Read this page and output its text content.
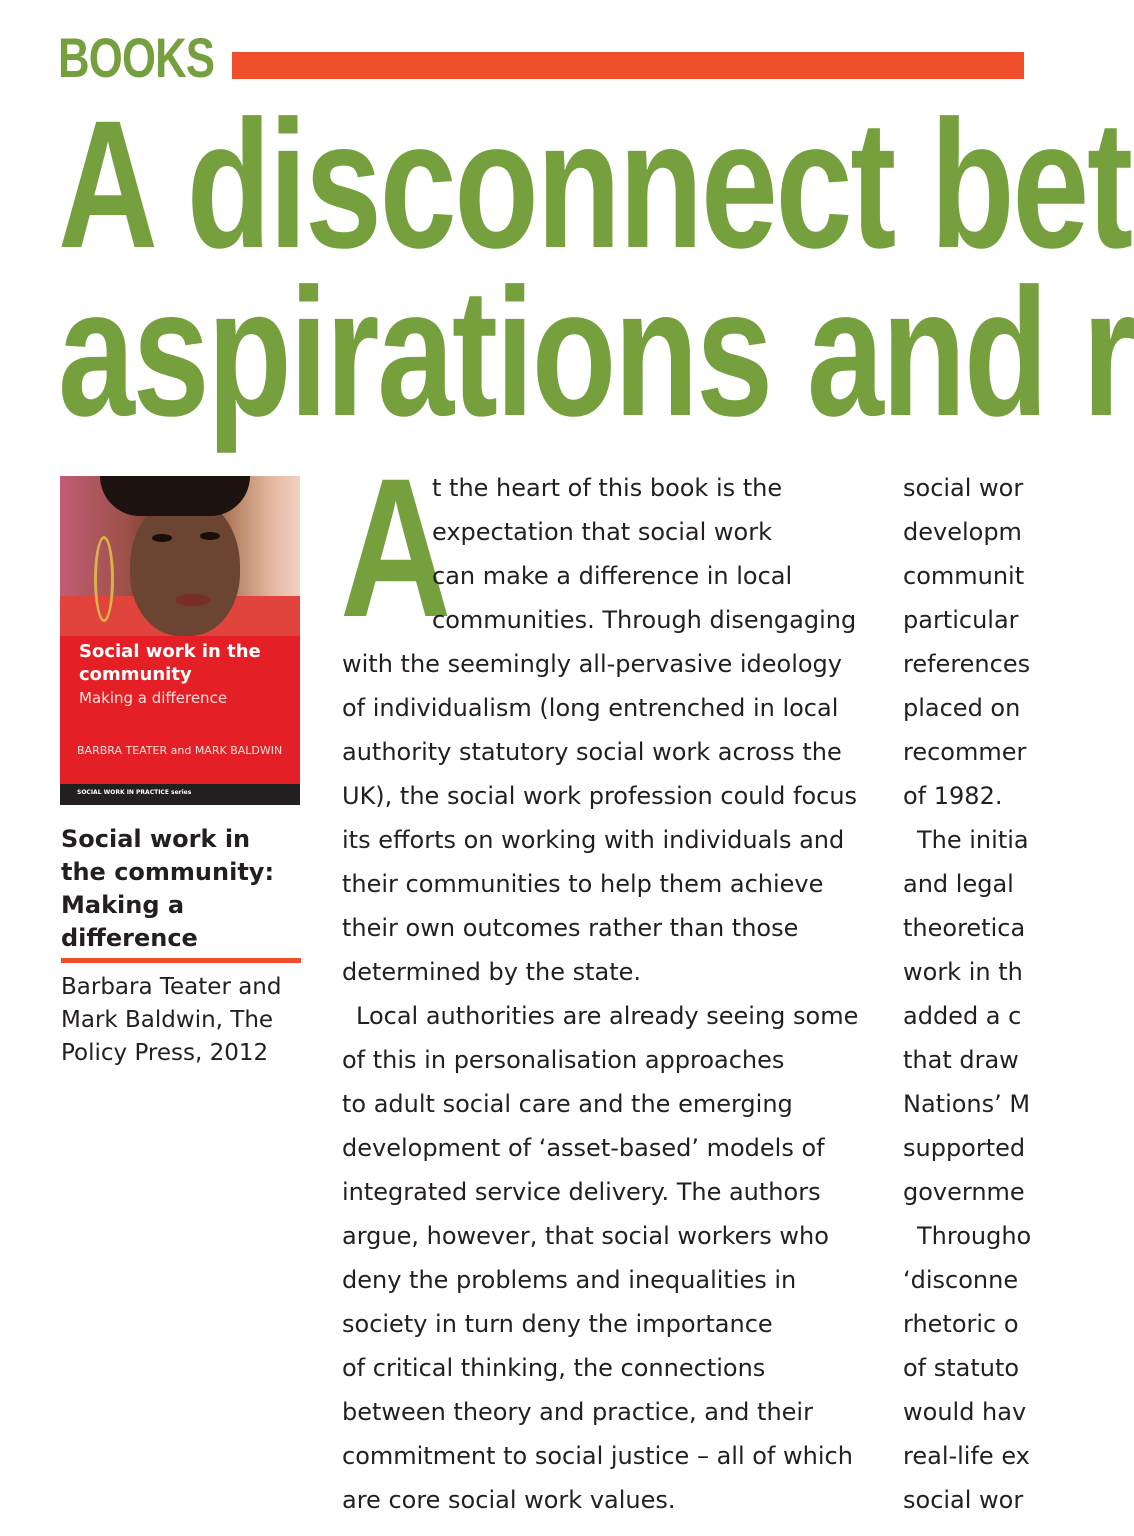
BOOKS
A disconnect bet
aspirations and r

Social work in the community

Making a difference

BARBRA TEATER and MARK BALDWIN

SOCIAL WORK IN PRACTICE series

Social work in the community: Making a difference

Barbara Teater and Mark Baldwin, The Policy Press, 2012

A

t the heart of this book is the
expectation that social work
can make a difference in local
communities. Through disengaging
with the seemingly all-pervasive ideology
of individualism (long entrenched in local
authority statutory social work across the
UK), the social work profession could focus
its efforts on working with individuals and
their communities to help them achieve
their own outcomes rather than those
determined by the state.
Local authorities are already seeing some
of this in personalisation approaches
to adult social care and the emerging
development of ‘asset-based’ models of
integrated service delivery. The authors
argue, however, that social workers who
deny the problems and inequalities in
society in turn deny the importance
of critical thinking, the connections
between theory and practice, and their
commitment to social justice – all of which
are core social work values.

social wor
developm
communit
particular
references
placed on
recommer
of 1982.
The initia
and legal
theoretica
work in th
added a c
that draw
Nations’ M
supported
governme
Througho
‘disconne
rhetoric o
of statuto
would hav
real-life ex
social wor
